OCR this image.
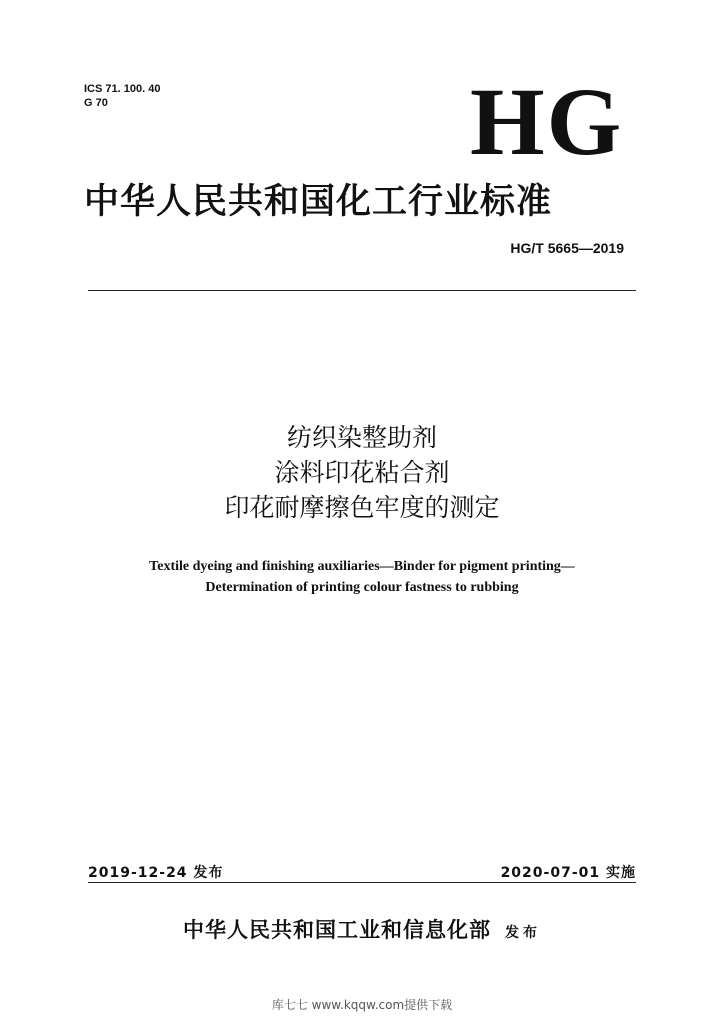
ICS 71. 100. 40
G 70	HG
中华人民共和国化工行业标准
HG/T 5665—2019
纺织染整助剂
涂料印花粘合剂
印花耐摩擦色牢度的测定
Textile dyeing and finishing auxiliaries—Binder for pigment printing—
Determination of printing colour fastness to rubbing
2019-12-24 发布	2020-07-01 实施
中华人民共和国工业和信息化部 发布
库七七 www.kqqw.com提供下载
